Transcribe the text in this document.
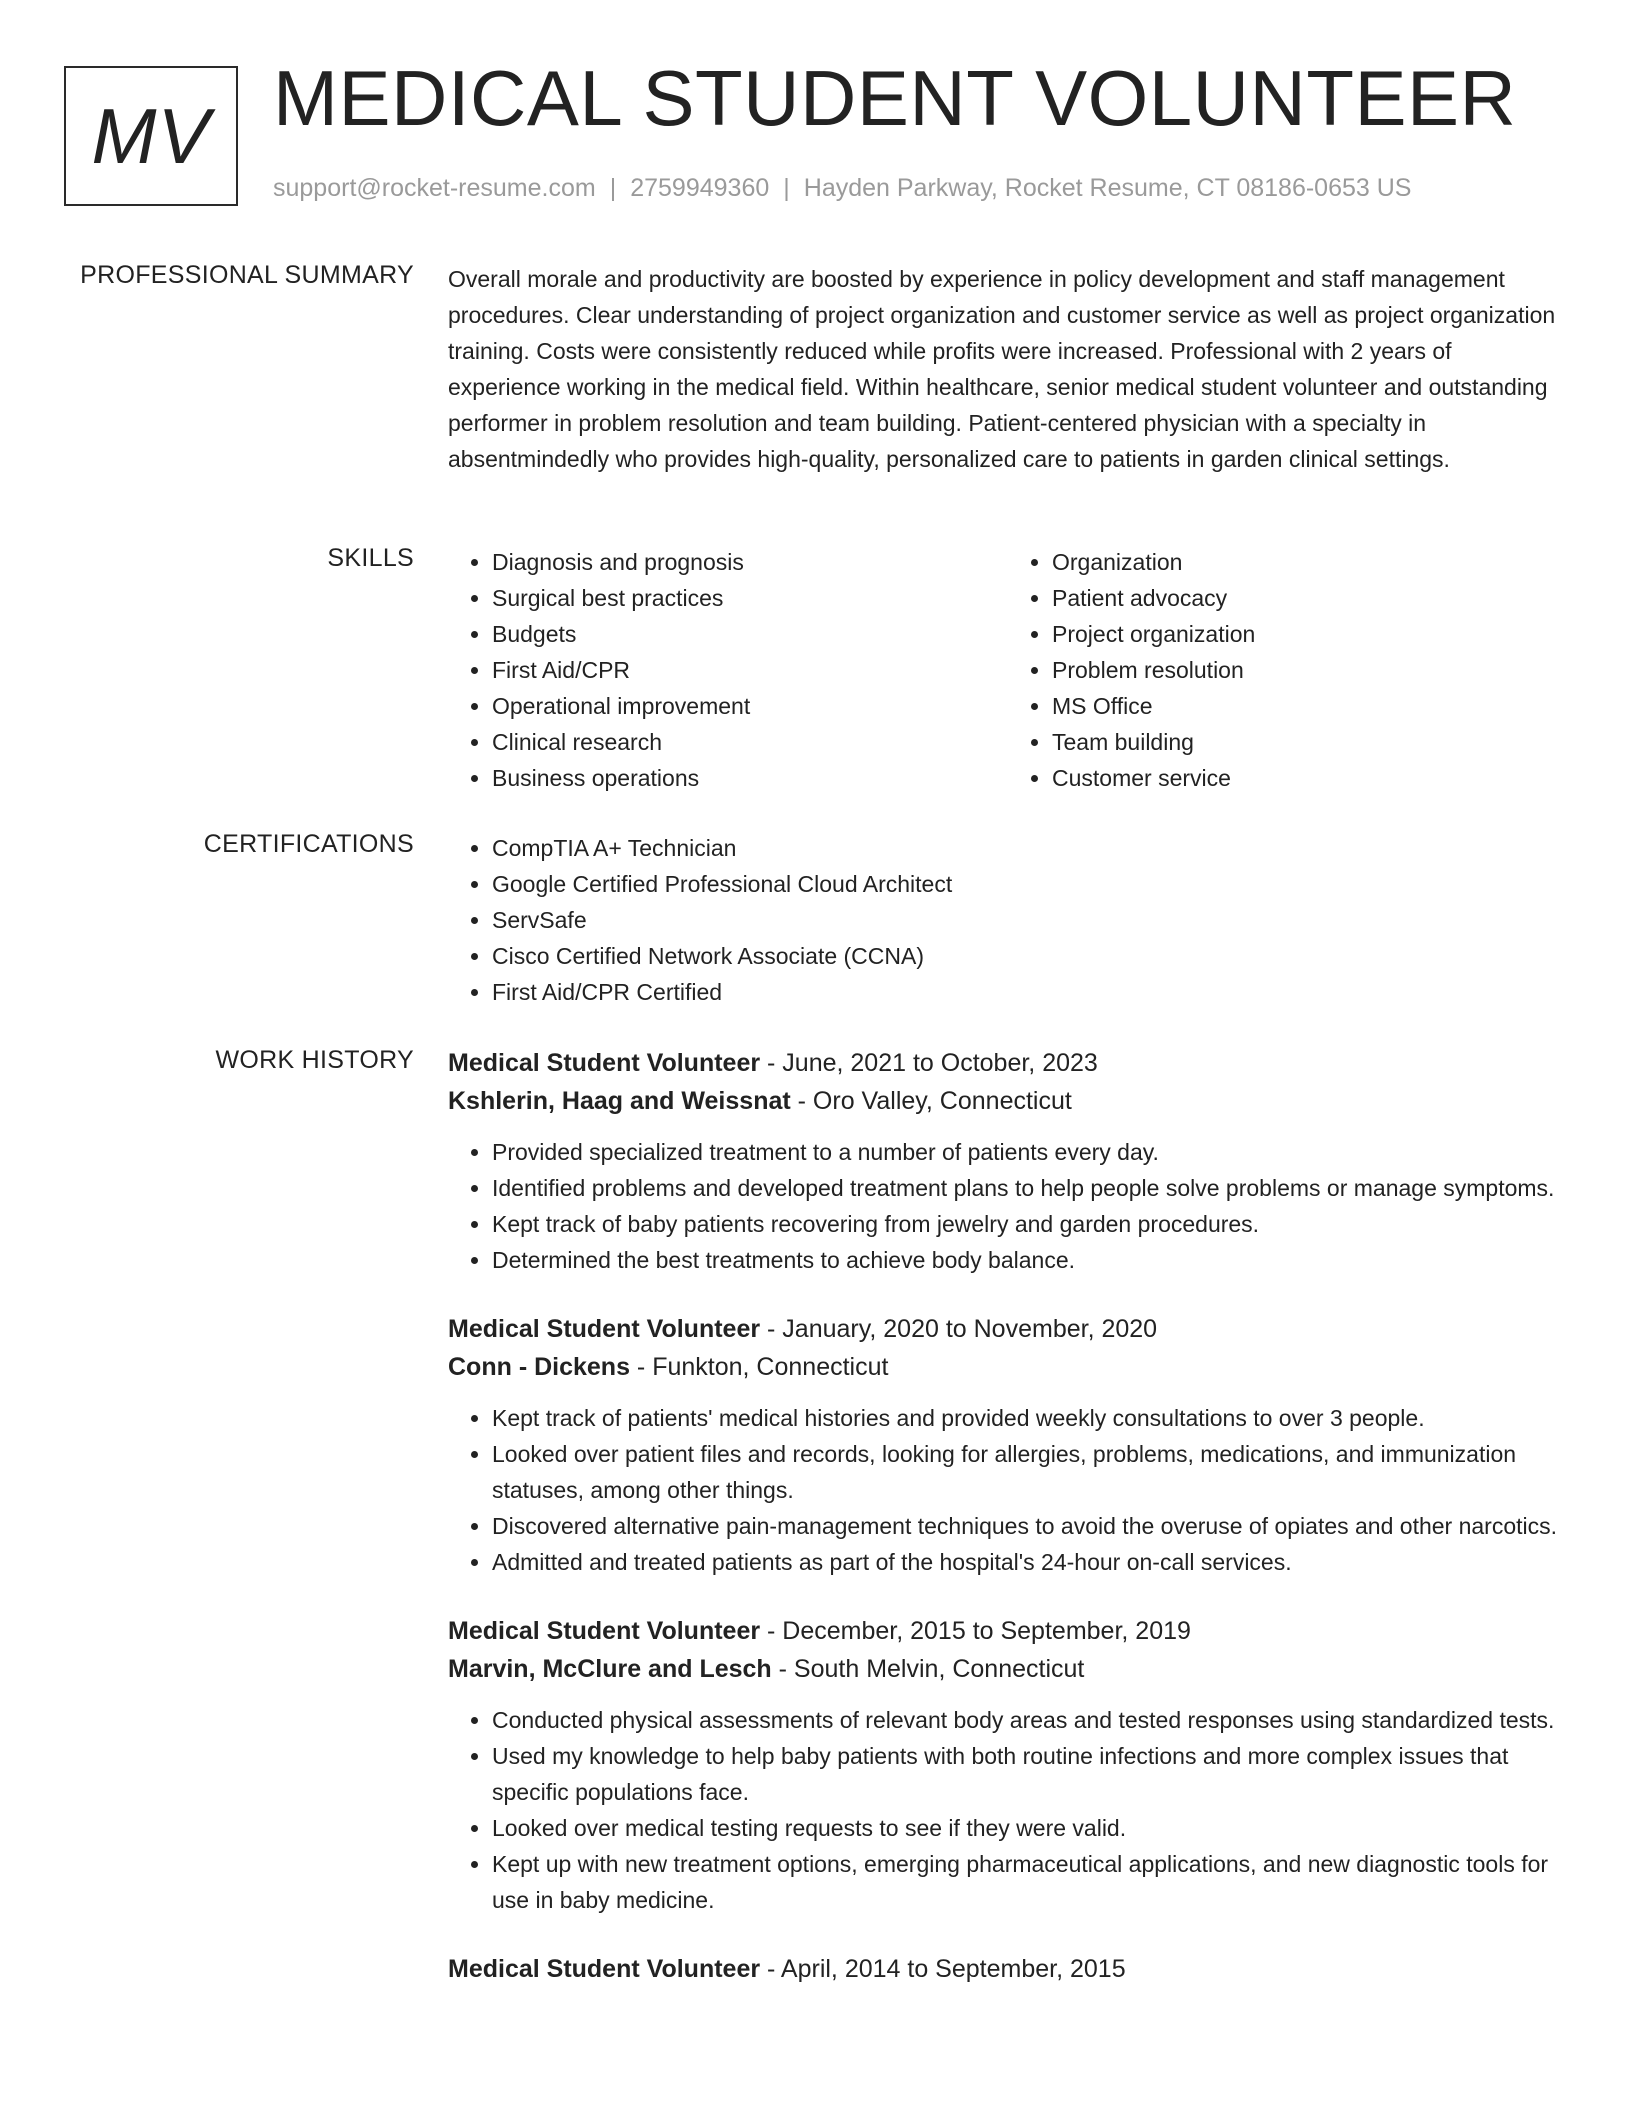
MV MEDICAL STUDENT VOLUNTEER
support@rocket-resume.com | 2759949360 | Hayden Parkway, Rocket Resume, CT 08186-0653 US
PROFESSIONAL SUMMARY Overall morale and productivity are boosted by experience in policy development and staff management procedures. Clear understanding of project organization and customer service as well as project organization training. Costs were consistently reduced while profits were increased. Professional with 2 years of experience working in the medical field. Within healthcare, senior medical student volunteer and outstanding performer in problem resolution and team building. Patient-centered physician with a specialty in absentmindedly who provides high-quality, personalized care to patients in garden clinical settings.

SKILLS	• Diagnosis and prognosis
• Surgical best practices
• Budgets
• First Aid/CPR
• Operational improvement
• Clinical research
• Business operations
• Organization
• Patient advocacy
• Project organization
• Problem resolution
• MS Office
• Team building
• Customer service
CERTIFICATIONS	• CompTIA A+ Technician
• Google Certified Professional Cloud Architect
• ServSafe
• Cisco Certified Network Associate (CCNA)
• First Aid/CPR Certified
WORK HISTORY Medical Student Volunteer - June, 2021 to October, 2023
Kshlerin, Haag and Weissnat - Oro Valley, Connecticut
• Provided specialized treatment to a number of patients every day.
• Identified problems and developed treatment plans to help people solve problems or manage symptoms.
• Kept track of baby patients recovering from jewelry and garden procedures.
• Determined the best treatments to achieve body balance.
Medical Student Volunteer - January, 2020 to November, 2020
Conn - Dickens - Funkton, Connecticut
• Kept track of patients' medical histories and provided weekly consultations to over 3 people.
• Looked over patient files and records, looking for allergies, problems, medications, and immunization statuses, among other things.
• Discovered alternative pain-management techniques to avoid the overuse of opiates and other narcotics.
• Admitted and treated patients as part of the hospital's 24-hour on-call services.
Medical Student Volunteer - December, 2015 to September, 2019
Marvin, McClure and Lesch - South Melvin, Connecticut
• Conducted physical assessments of relevant body areas and tested responses using standardized tests.
• Used my knowledge to help baby patients with both routine infections and more complex issues that specific populations face.
• Looked over medical testing requests to see if they were valid.
• Kept up with new treatment options, emerging pharmaceutical applications, and new diagnostic tools for use in baby medicine.
Medical Student Volunteer - April, 2014 to September, 2015
